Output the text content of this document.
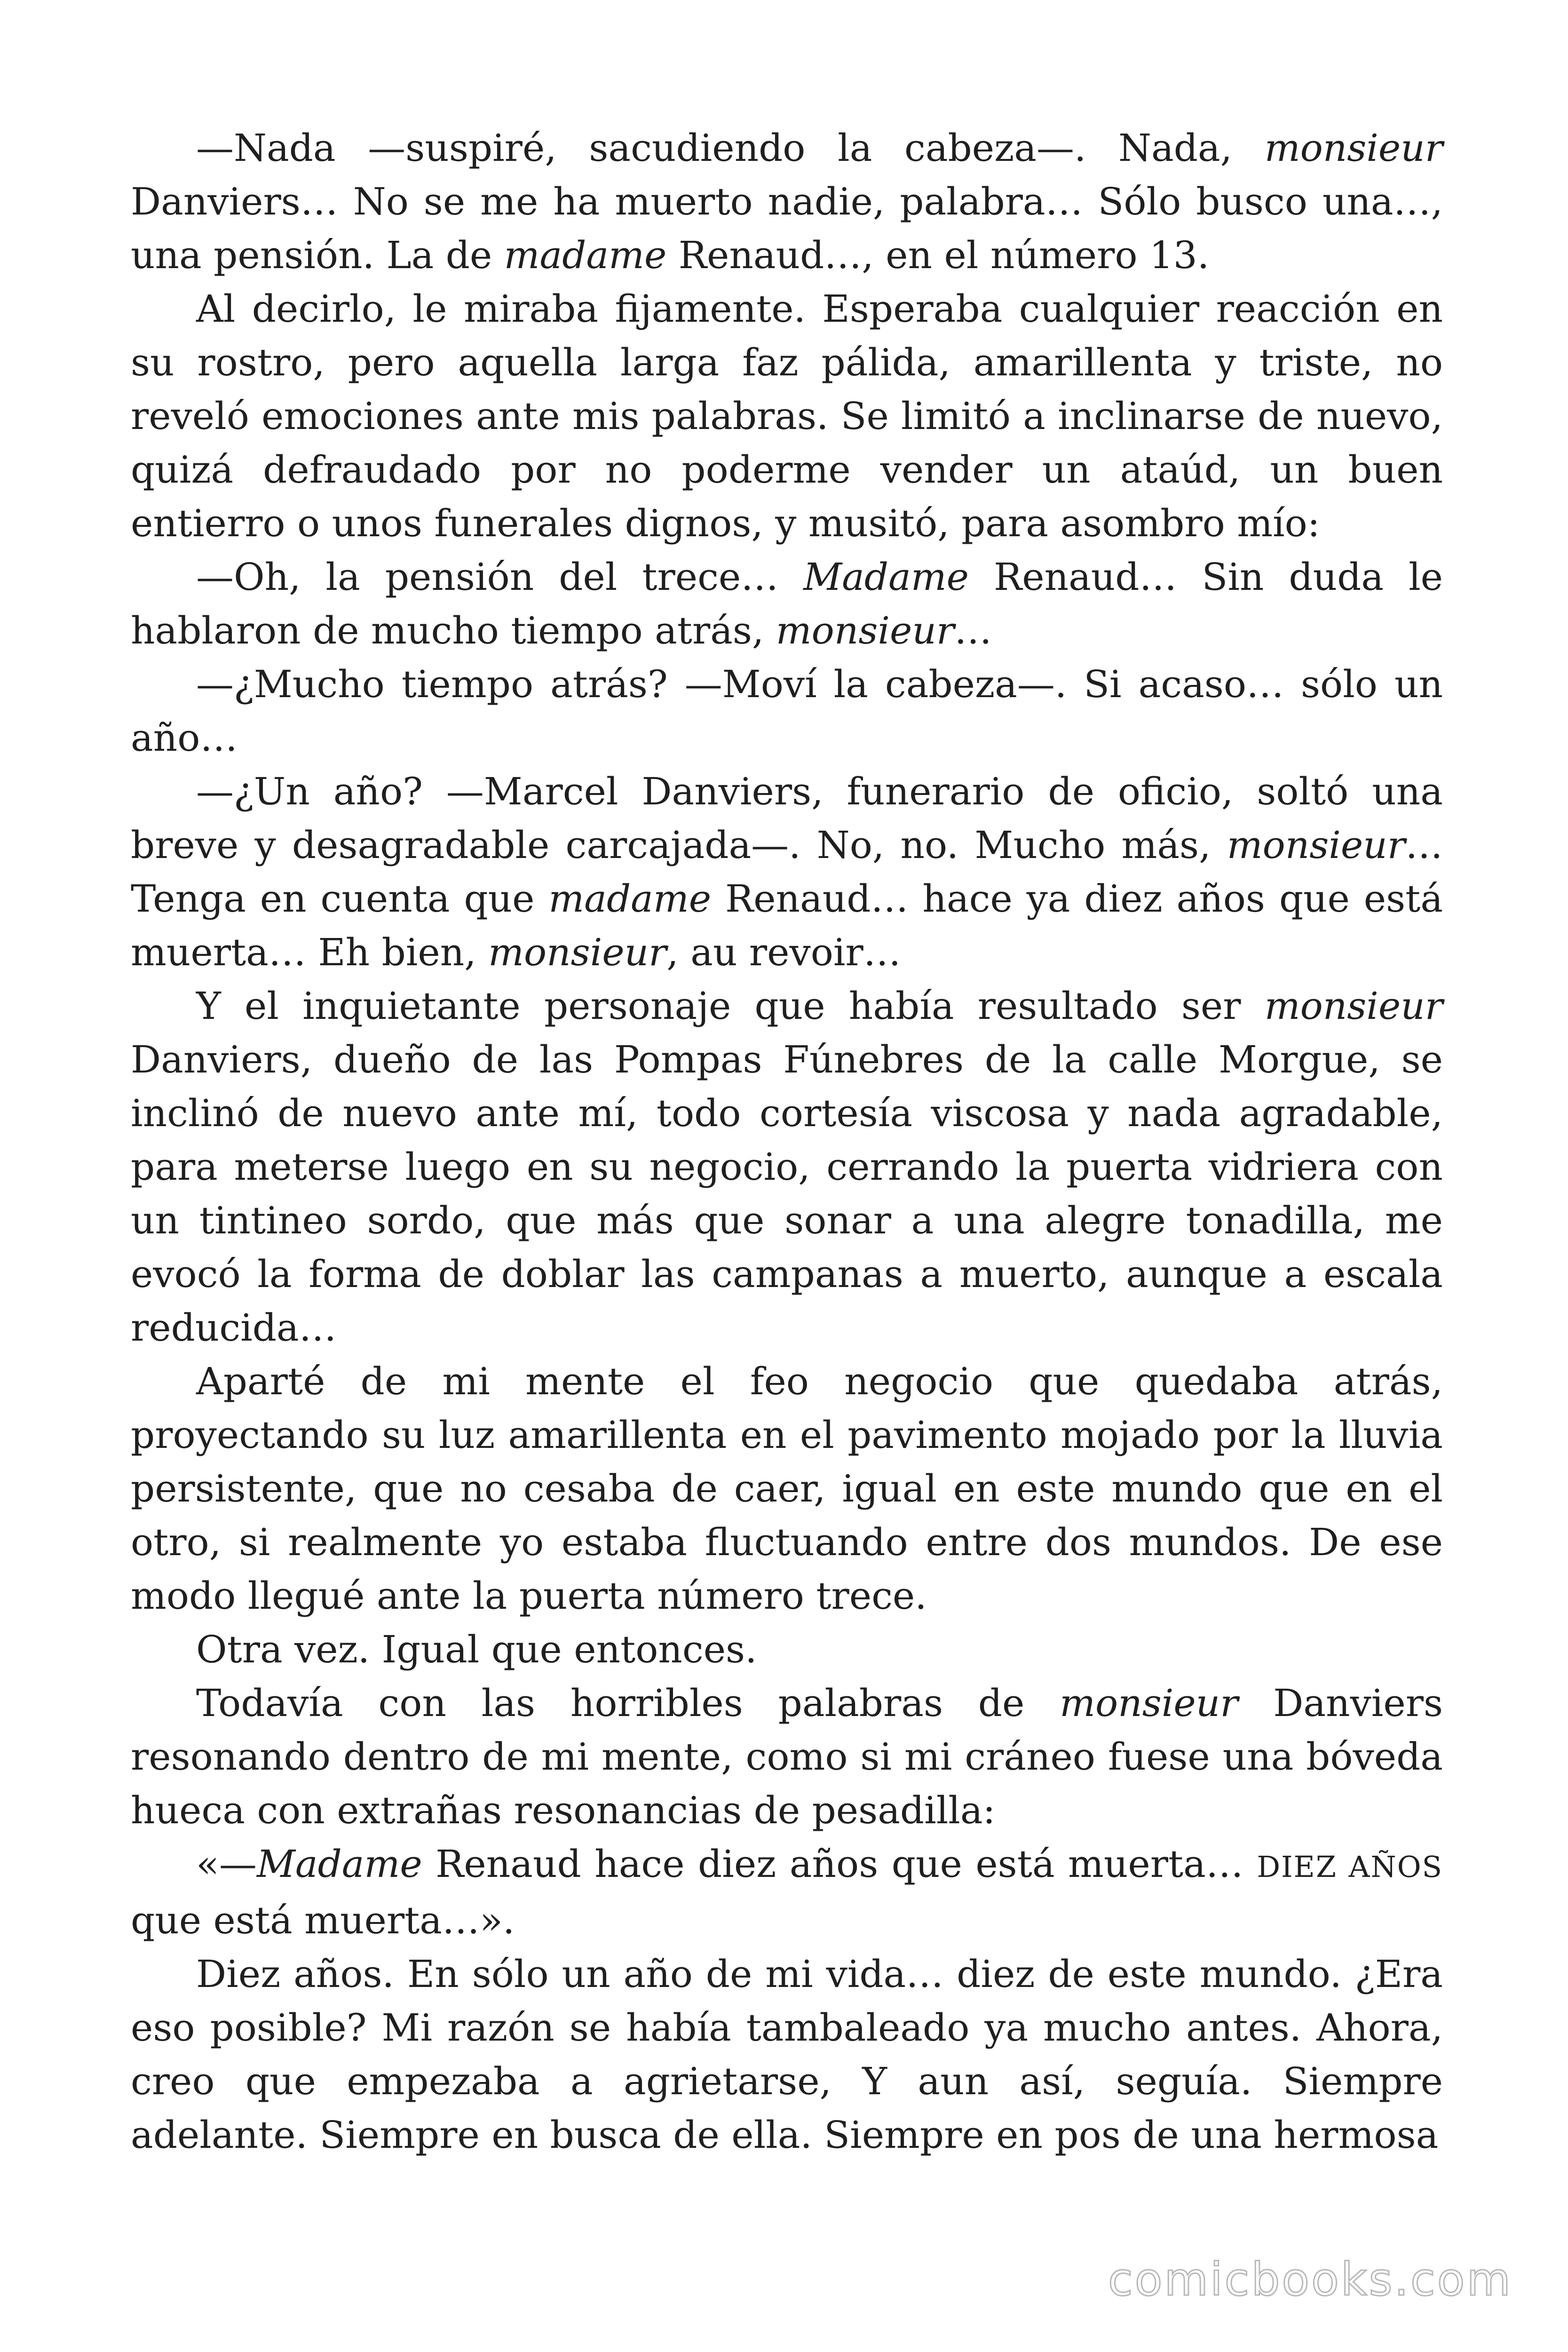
—Nada —suspiré, sacudiendo la cabeza—. Nada, monsieur Danviers… No se me ha muerto nadie, palabra… Sólo busco una…, una pensión. La de madame Renaud…, en el número 13.

Al decirlo, le miraba fijamente. Esperaba cualquier reacción en su rostro, pero aquella larga faz pálida, amarillenta y triste, no reveló emociones ante mis palabras. Se limitó a inclinarse de nuevo, quizá defraudado por no poderme vender un ataúd, un buen entierro o unos funerales dignos, y musitó, para asombro mío:

—Oh, la pensión del trece… Madame Renaud… Sin duda le hablaron de mucho tiempo atrás, monsieur…

—¿Mucho tiempo atrás? —Moví la cabeza—. Si acaso… sólo un año…

—¿Un año? —Marcel Danviers, funerario de oficio, soltó una breve y desagradable carcajada—. No, no. Mucho más, monsieur… Tenga en cuenta que madame Renaud… hace ya diez años que está muerta… Eh bien, monsieur, au revoir…

Y el inquietante personaje que había resultado ser monsieur Danviers, dueño de las Pompas Fúnebres de la calle Morgue, se inclinó de nuevo ante mí, todo cortesía viscosa y nada agradable, para meterse luego en su negocio, cerrando la puerta vidriera con un tintineo sordo, que más que sonar a una alegre tonadilla, me evocó la forma de doblar las campanas a muerto, aunque a escala reducida…

Aparté de mi mente el feo negocio que quedaba atrás, proyectando su luz amarillenta en el pavimento mojado por la lluvia persistente, que no cesaba de caer, igual en este mundo que en el otro, si realmente yo estaba fluctuando entre dos mundos. De ese modo llegué ante la puerta número trece.

Otra vez. Igual que entonces.

Todavía con las horribles palabras de monsieur Danviers resonando dentro de mi mente, como si mi cráneo fuese una bóveda hueca con extrañas resonancias de pesadilla:

«—Madame Renaud hace diez años que está muerta… DIEZ AÑOS que está muerta…».

Diez años. En sólo un año de mi vida… diez de este mundo. ¿Era eso posible? Mi razón se había tambaleado ya mucho antes. Ahora, creo que empezaba a agrietarse, Y aun así, seguía. Siempre adelante. Siempre en busca de ella. Siempre en pos de una hermosa

comicbooks.com
